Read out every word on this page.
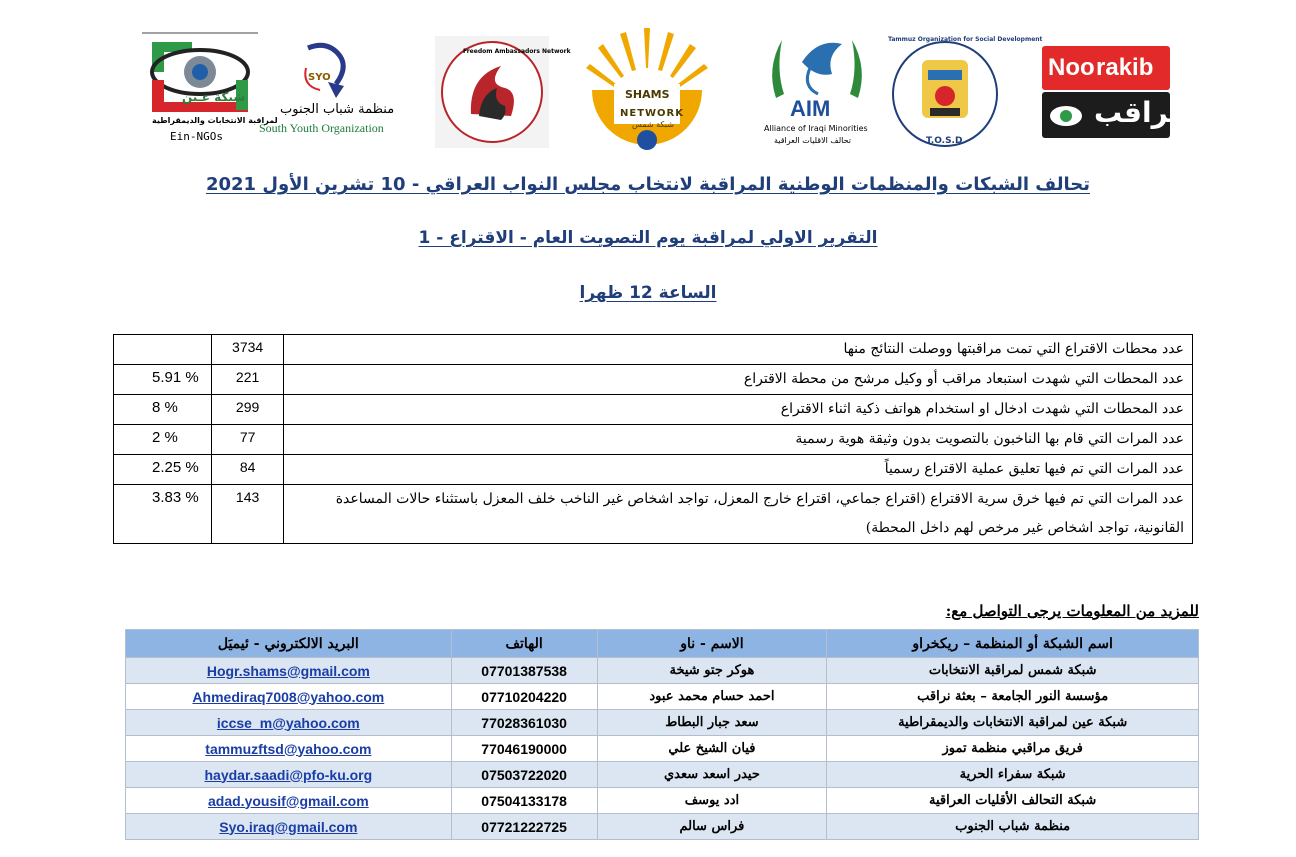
شبكة عـين
لمراقبة الانتخابات والديمقراطية
Ein-NGOs
SYO
منظمة شباب الجنوب
South Youth Organization
Freedom Ambassadors Network
SHAMS
NETWORK
شبكة شمس
AIM
Alliance of Iraqi Minorities
تحالف الاقليات العراقية
Tammuz Organization for Social Development
T.O.S.D
Noo rakib
نراقب
تحالف الشبكات والمنظمات الوطنية المراقبة لانتخاب مجلس النواب العراقي - 10 تشرين الأول 2021
التقرير الاولي لمراقبة يوم التصويت العام - الاقتراع - 1
الساعة 12 ظهرا
	3734	عدد محطات الاقتراع التي تمت مراقبتها ووصلت النتائج منها
5.91 %	221	عدد المحطات التي شهدت استبعاد مراقب أو وكيل مرشح من محطة الاقتراع
8 %	299	عدد المحطات التي شهدت ادخال او استخدام هواتف ذكية اثناء الاقتراع
2 %	77	عدد المرات التي قام بها الناخبون بالتصويت بدون وثيقة هوية رسمية
2.25 %	84	عدد المرات التي تم فيها تعليق عملية الاقتراع رسمياً
3.83 %	143	عدد المرات التي تم فيها خرق سرية الاقتراع (اقتراع جماعي، اقتراع خارج المعزل، تواجد اشخاص غير الناخب خلف المعزل باستثناء حالات المساعدة القانونية، تواجد اشخاص غير مرخص لهم داخل المحطة)
للمزيد من المعلومات يرجى التواصل مع:
البريد الالكتروني - ئيميَل	الهاتف	الاسم - ناو	اسم الشبكة أو المنظمة – ريكخراو
Hogr.shams@gmail.com	07701387538	هوكر جتو شيخة	شبكة شمس لمراقبة الانتخابات
Ahmediraq7008@yahoo.com	07710204220	احمد حسام محمد عبود	مؤسسة النور الجامعة – بعثة نراقب
iccse_m@yahoo.com	77028361030	سعد جبار البطاط	شبكة عين لمراقبة الانتخابات والديمقراطية
tammuzftsd@yahoo.com	77046190000	فيان الشيخ علي	فريق مراقبي منظمة تموز
haydar.saadi@pfo-ku.org	07503722020	حيدر اسعد سعدي	شبكة سفراء الحرية
adad.yousif@gmail.com	07504133178	ادد يوسف	شبكة التحالف الأقليات العراقية
Syo.iraq@gmail.com	07721222725	فراس سالم	منظمة شباب الجنوب
